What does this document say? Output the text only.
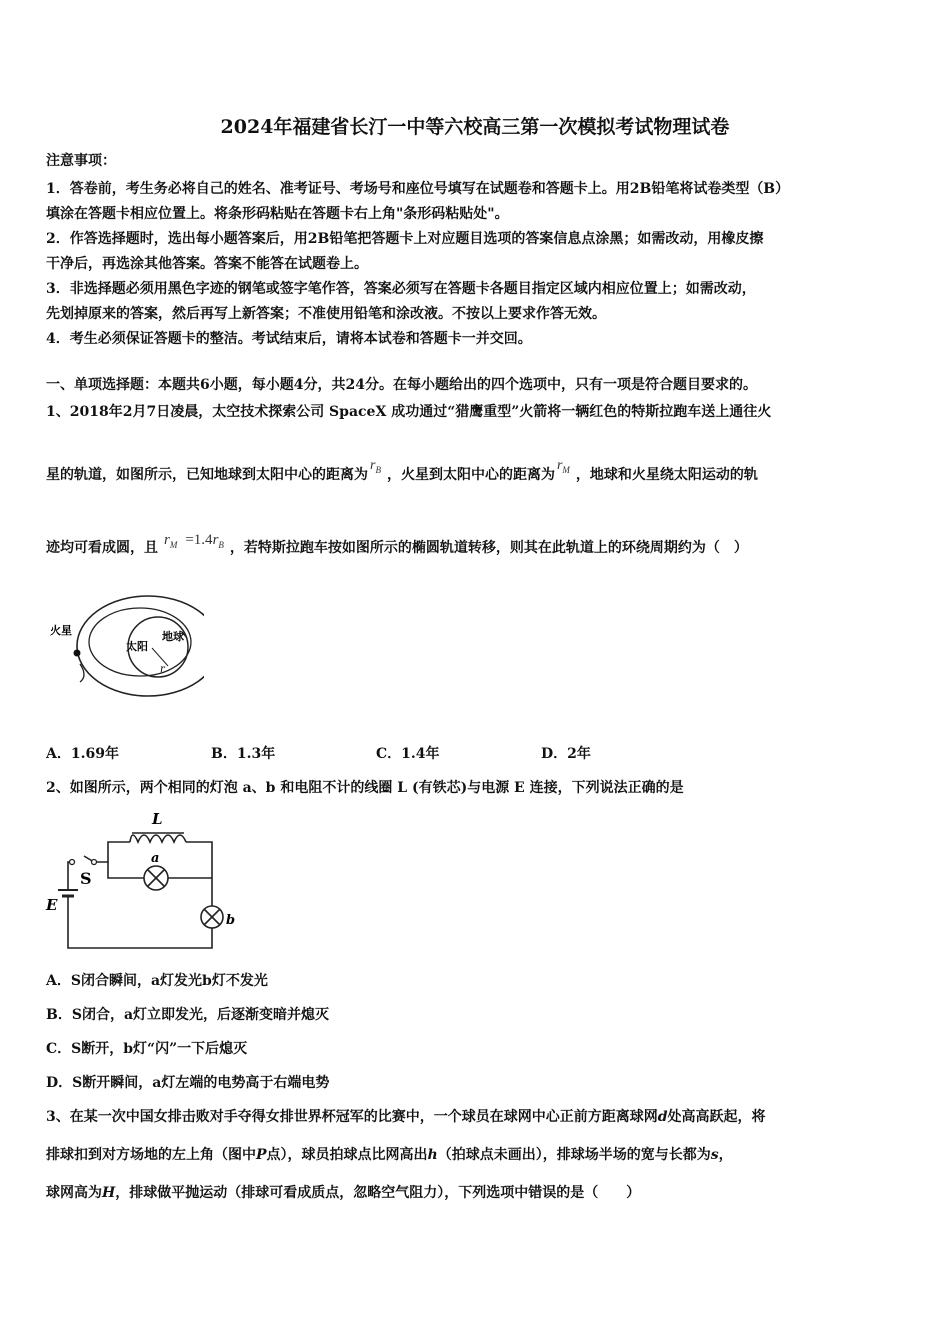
2024年福建省长汀一中等六校高三第一次模拟考试物理试卷
注意事项：
1．答卷前，考生务必将自己的姓名、准考证号、考场号和座位号填写在试题卷和答题卡上。用2B铅笔将试卷类型（B）
填涂在答题卡相应位置上。将条形码粘贴在答题卡右上角"条形码粘贴处"。
2．作答选择题时，选出每小题答案后，用2B铅笔把答题卡上对应题目选项的答案信息点涂黑；如需改动，用橡皮擦
干净后，再选涂其他答案。答案不能答在试题卷上。
3．非选择题必须用黑色字迹的钢笔或签字笔作答，答案必须写在答题卡各题目指定区域内相应位置上；如需改动，
先划掉原来的答案，然后再写上新答案；不准使用铅笔和涂改液。不按以上要求作答无效。
4．考生必须保证答题卡的整洁。考试结束后，请将本试卷和答题卡一并交回。
一、单项选择题：本题共6小题，每小题4分，共24分。在每小题给出的四个选项中，只有一项是符合题目要求的。
1、2018年2月7日凌晨，太空技术探索公司 SpaceX 成功通过“猎鹰重型”火箭将一辆红色的特斯拉跑车送上通往火
星的轨道，如图所示，已知地球到太阳中心的距离为$r_B$ ，火星到太阳中心的距离为$r_M$ ，地球和火星绕太阳运动的轨
迹均可看成圆，且 $r_M =1.4r_B$ ，若特斯拉跑车按如图所示的椭圆轨道转移，则其在此轨道上的环绕周期约为（　）
火星
太阳
地球
r
A．1.69年	B．1.3年	C．1.4年	D．2年
2、如图所示，两个相同的灯泡 a、b 和电阻不计的线圈 L (有铁芯)与电源 E 连接，下列说法正确的是
L
a
S
E
b
A．S闭合瞬间，a灯发光b灯不发光
B．S闭合，a灯立即发光，后逐渐变暗并熄灭
C．S断开，b灯“闪”一下后熄灭
D．S断开瞬间，a灯左端的电势高于右端电势
3、在某一次中国女排击败对手夺得女排世界杯冠军的比赛中，一个球员在球网中心正前方距离球网d处高高跃起，将
排球扣到对方场地的左上角（图中P点），球员拍球点比网高出h（拍球点未画出），排球场半场的宽与长都为s，
球网高为H，排球做平抛运动（排球可看成质点，忽略空气阻力），下列选项中错误的是（　　）
